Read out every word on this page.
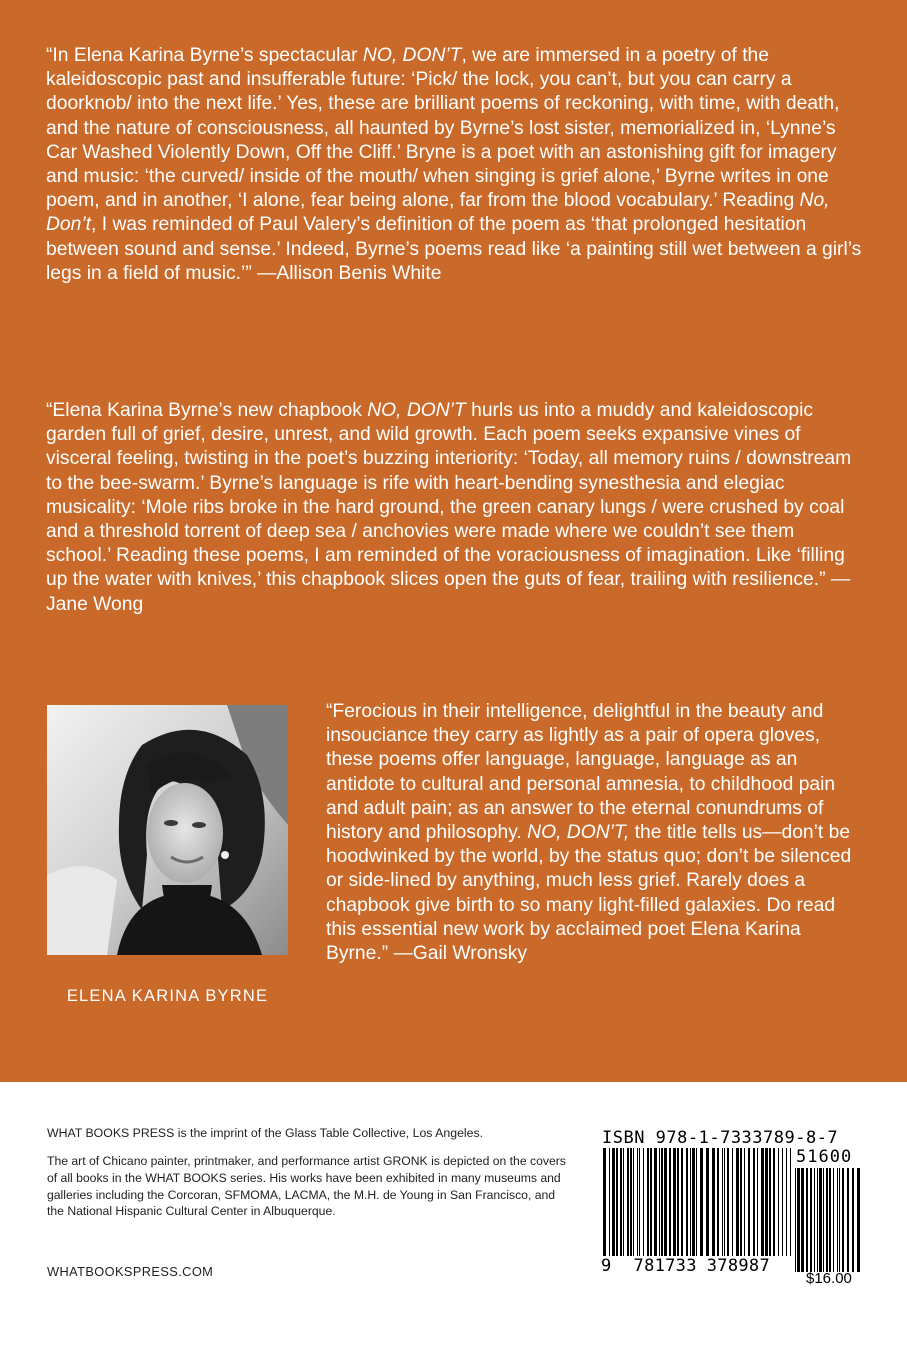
“In Elena Karina Byrne’s spectacular NO, DON’T, we are immersed in a poetry of the kaleidoscopic past and insufferable future: ‘Pick/ the lock, you can’t, but you can carry a doorknob/ into the next life.’ Yes, these are brilliant poems of reckoning, with time, with death, and the nature of consciousness, all haunted by Byrne’s lost sister, memorialized in, ‘Lynne’s Car Washed Violently Down, Off the Cliff.’ Bryne is a poet with an astonishing gift for imagery and music: ‘the curved/ inside of the mouth/ when singing is grief alone,’ Byrne writes in one poem, and in another, ‘I alone, fear being alone, far from the blood vocabulary.’ Reading No, Don’t, I was reminded of Paul Valery’s definition of the poem as ‘that prolonged hesitation between sound and sense.’ Indeed, Byrne’s poems read like ‘a painting still wet between a girl’s legs in a field of music.’” —Allison Benis White

“Elena Karina Byrne’s new chapbook NO, DON’T hurls us into a muddy and kaleidoscopic garden full of grief, desire, unrest, and wild growth. Each poem seeks expansive vines of visceral feeling, twisting in the poet’s buzzing interiority: ‘Today, all memory ruins / downstream to the bee-swarm.’ Byrne’s language is rife with heart-bending synesthesia and elegiac musicality: ‘Mole ribs broke in the hard ground, the green canary lungs / were crushed by coal and a threshold torrent of deep sea / anchovies were made where we couldn’t see them school.’ Reading these poems, I am reminded of the voraciousness of imagination. Like ‘filling up the water with knives,’ this chapbook slices open the guts of fear, trailing with resilience.” —Jane Wong

ELENA KARINA BYRNE

“Ferocious in their intelligence, delightful in the beauty and insouciance they carry as lightly as a pair of opera gloves, these poems offer language, language, language as an antidote to cultural and personal amnesia, to childhood pain and adult pain; as an answer to the eternal conundrums of history and philosophy. NO, DON’T, the title tells us—don’t be hoodwinked by the world, by the status quo; don’t be silenced or side-lined by anything, much less grief. Rarely does a chapbook give birth to so many light-filled galaxies. Do read this essential new work by acclaimed poet Elena Karina Byrne.” —Gail Wronsky

WHAT BOOKS PRESS is the imprint of the Glass Table Collective, Los Angeles.

The art of Chicano painter, printmaker, and performance artist GRONK is depicted on the covers of all books in the WHAT BOOKS series. His works have been exhibited in many museums and galleries including the Corcoran, SFMOMA, LACMA, the M.H. de Young in San Francisco, and the National Hispanic Cultural Center in Albuquerque.

WHATBOOKSPRESS.COM
ISBN 978-1-7333789-8-7
51600
9 781733 378987
$16.00
